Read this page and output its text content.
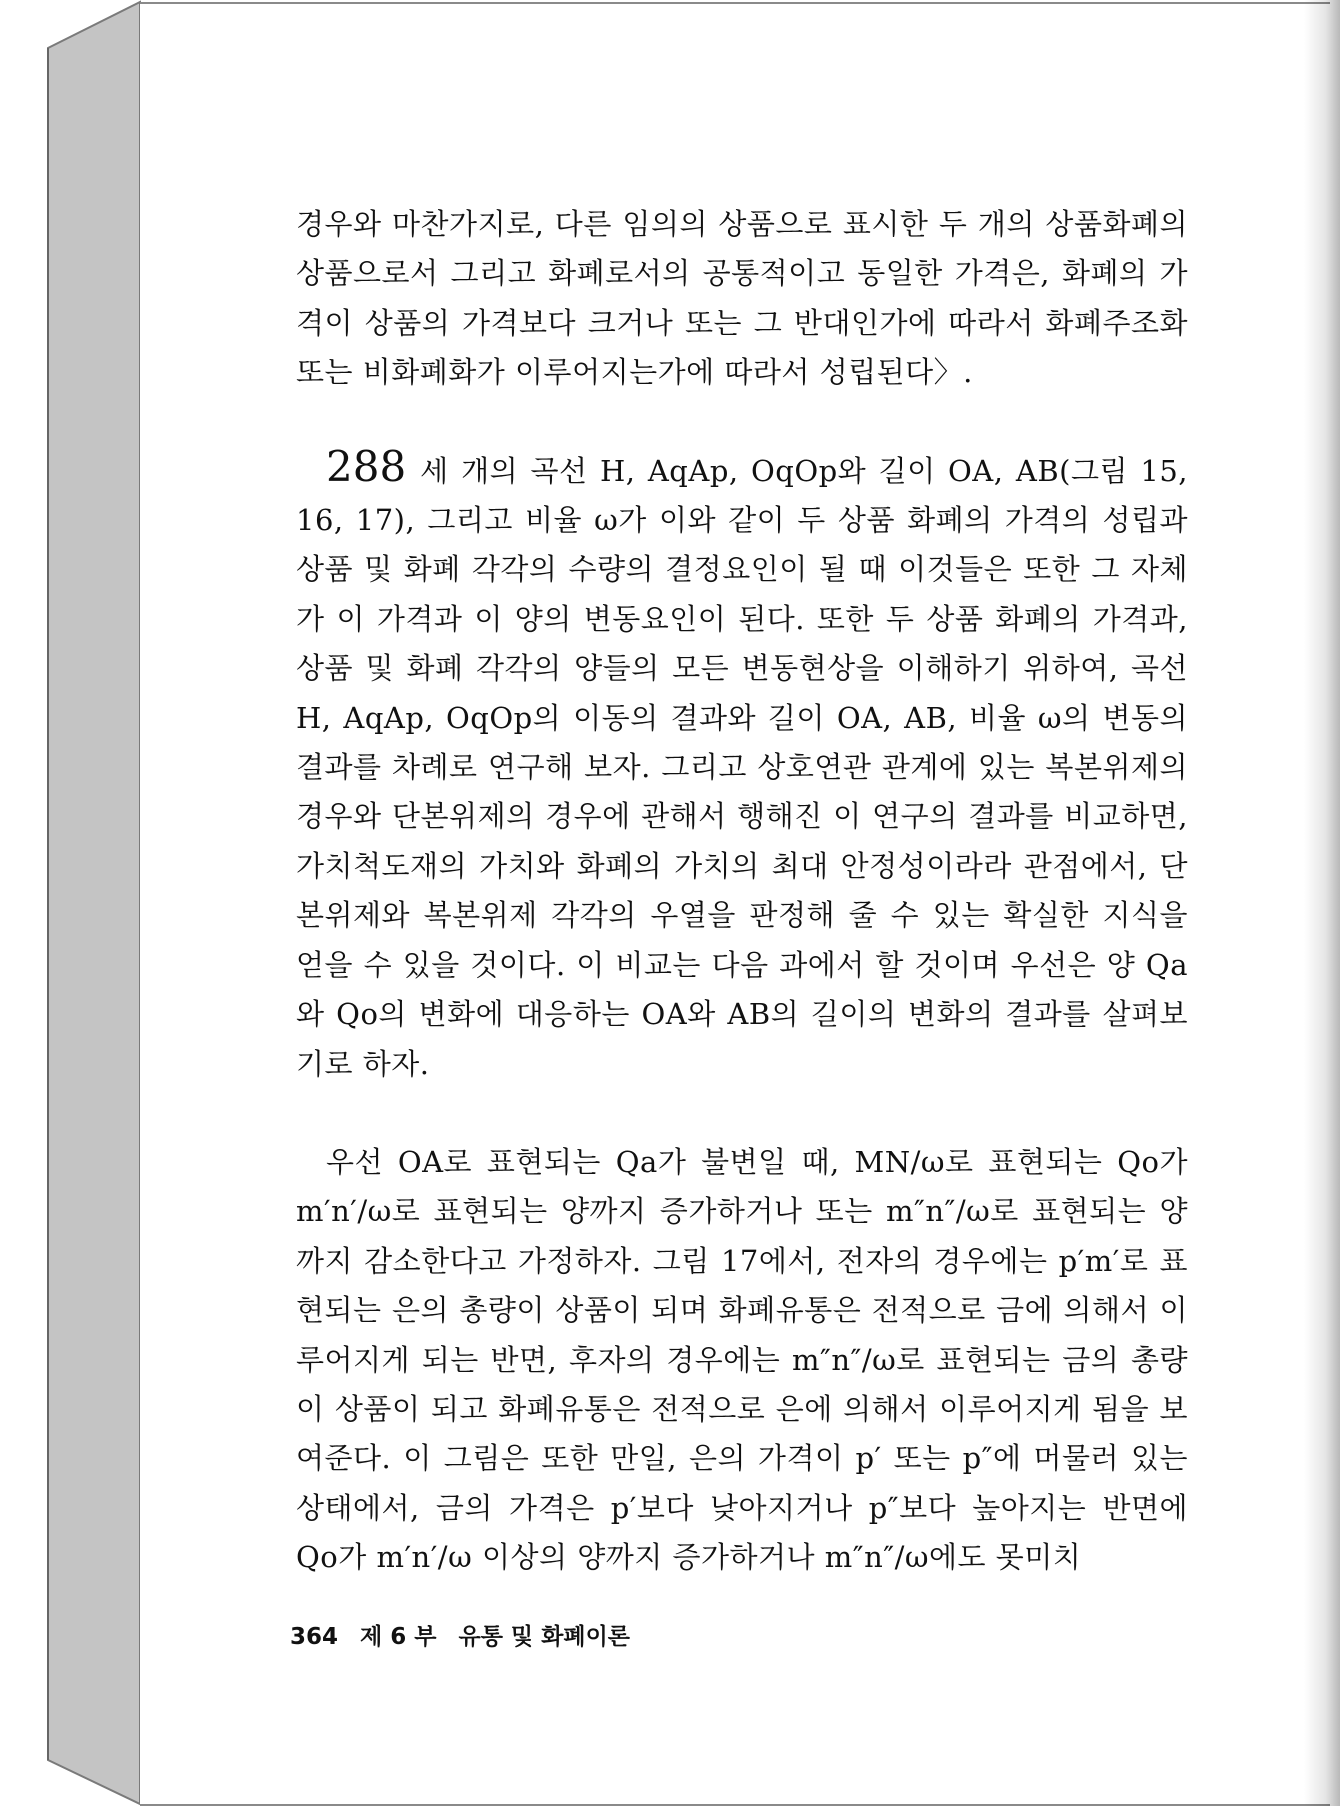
경우와 마찬가지로, 다른 임의의 상품으로 표시한 두 개의 상품화폐의 상품으로서 그리고 화폐로서의 공통적이고 동일한 가격은, 화폐의 가격이 상품의 가격보다 크거나 또는 그 반대인가에 따라서 화폐주조화 또는 비화폐화가 이루어지는가에 따라서 성립된다〉.

288 세 개의 곡선 H, AqAp, OqOp와 길이 OA, AB(그림 15, 16, 17), 그리고 비율 ω가 이와 같이 두 상품 화폐의 가격의 성립과 상품 및 화폐 각각의 수량의 결정요인이 될 때 이것들은 또한 그 자체가 이 가격과 이 양의 변동요인이 된다. 또한 두 상품 화폐의 가격과, 상품 및 화폐 각각의 양들의 모든 변동현상을 이해하기 위하여, 곡선 H, AqAp, OqOp의 이동의 결과와 길이 OA, AB, 비율 ω의 변동의 결과를 차례로 연구해 보자. 그리고 상호연관 관계에 있는 복본위제의 경우와 단본위제의 경우에 관해서 행해진 이 연구의 결과를 비교하면, 가치척도재의 가치와 화폐의 가치의 최대 안정성이라라 관점에서, 단본위제와 복본위제 각각의 우열을 판정해 줄 수 있는 확실한 지식을 얻을 수 있을 것이다. 이 비교는 다음 과에서 할 것이며 우선은 양 Qa와 Qo의 변화에 대응하는 OA와 AB의 길이의 변화의 결과를 살펴보기로 하자.

우선 OA로 표현되는 Qa가 불변일 때, MN/ω로 표현되는 Qo가 m′n′/ω로 표현되는 양까지 증가하거나 또는 m″n″/ω로 표현되는 양까지 감소한다고 가정하자. 그림 17에서, 전자의 경우에는 p′m′로 표현되는 은의 총량이 상품이 되며 화폐유통은 전적으로 금에 의해서 이루어지게 되는 반면, 후자의 경우에는 m″n″/ω로 표현되는 금의 총량이 상품이 되고 화폐유통은 전적으로 은에 의해서 이루어지게 됨을 보여준다. 이 그림은 또한 만일, 은의 가격이 p′ 또는 p″에 머물러 있는 상태에서, 금의 가격은 p′보다 낮아지거나 p″보다 높아지는 반면에 Qo가 m′n′/ω 이상의 양까지 증가하거나 m″n″/ω에도 못미치

364 제 6 부 유통 및 화폐이론
